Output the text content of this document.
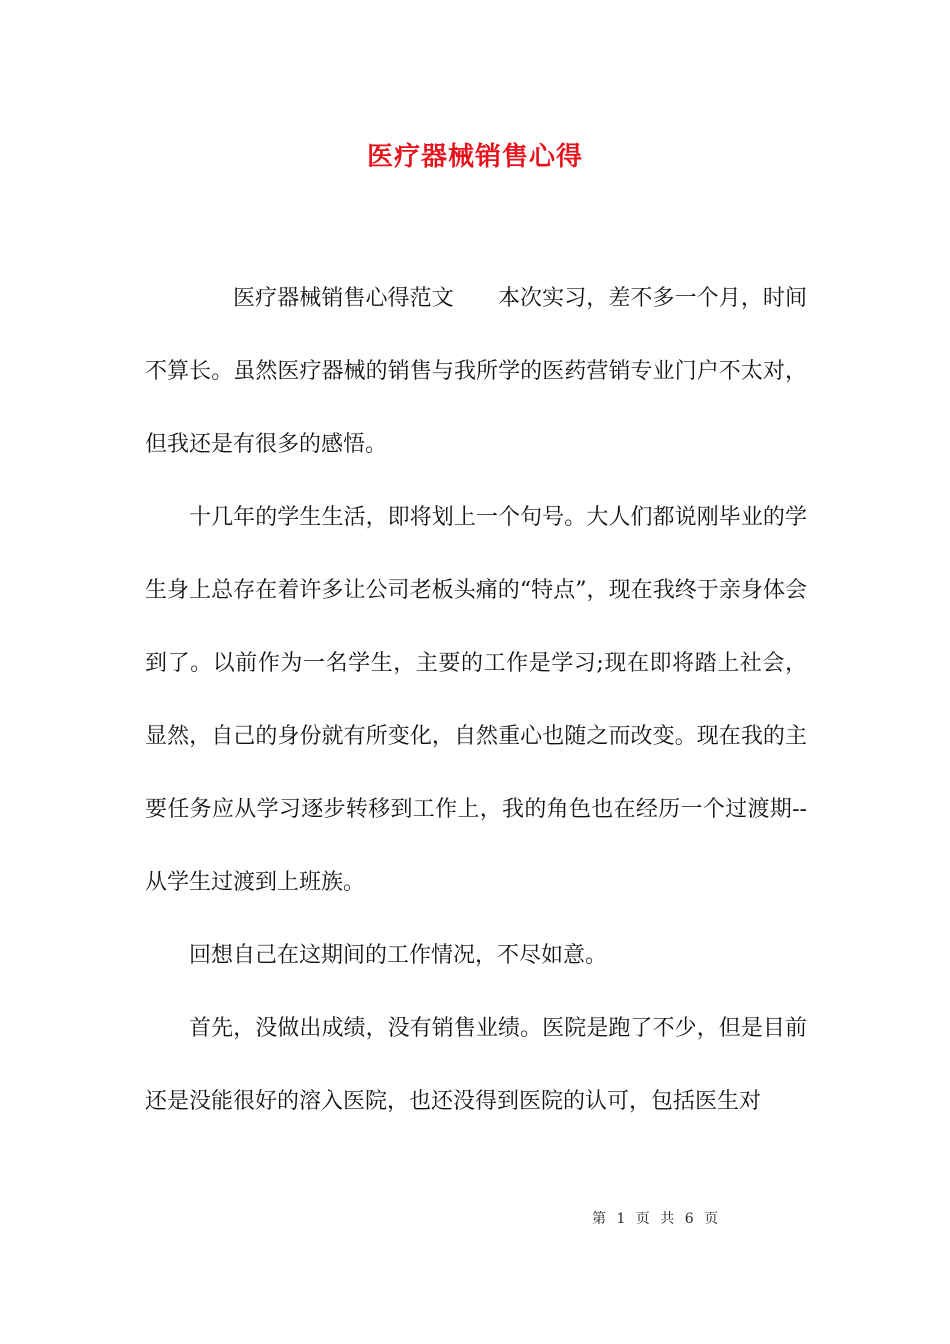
医疗器械销售心得

医疗器械销售心得范文　　本次实习，差不多一个月，时间不算长。虽然医疗器械的销售与我所学的医药营销专业门户不太对，但我还是有很多的感悟。

十几年的学生生活，即将划上一个句号。大人们都说刚毕业的学生身上总存在着许多让公司老板头痛的“特点”，现在我终于亲身体会到了。以前作为一名学生，主要的工作是学习;现在即将踏上社会，显然，自己的身份就有所变化，自然重心也随之而改变。现在我的主要任务应从学习逐步转移到工作上，我的角色也在经历一个过渡期--从学生过渡到上班族。

回想自己在这期间的工作情况，不尽如意。

首先，没做出成绩，没有销售业绩。医院是跑了不少，但是目前还是没能很好的溶入医院，也还没得到医院的认可，包括医生对

第 1 页 共 6 页
